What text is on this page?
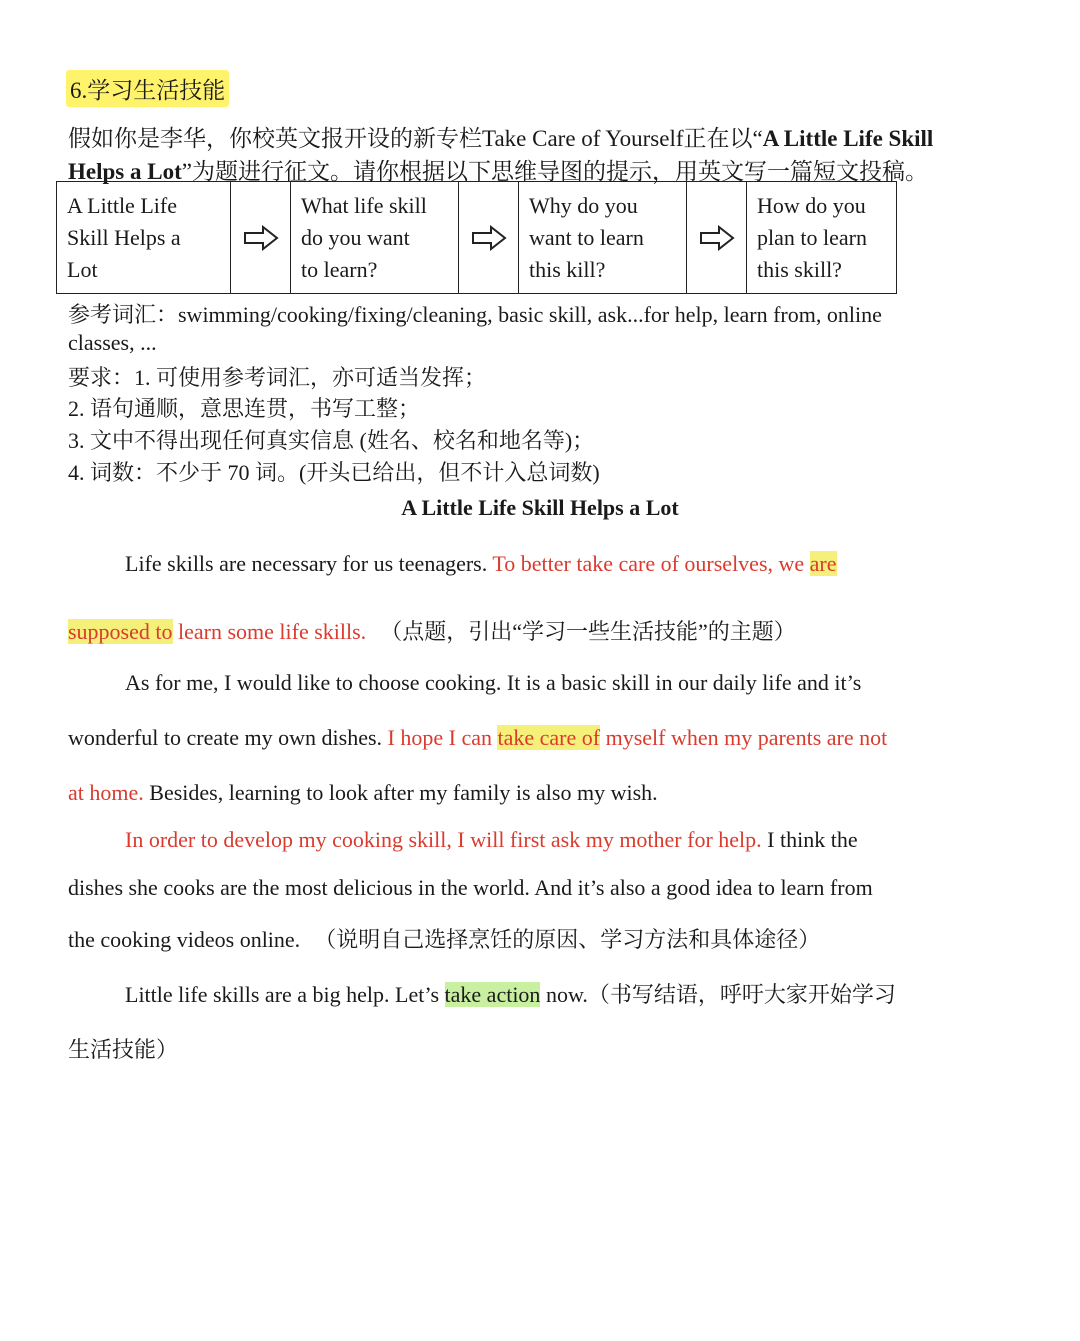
6.学习生活技能
假如你是李华，你校英文报开设的新专栏Take Care of Yourself正在以“A Little Life Skill
Helps a Lot”为题进行征文。请你根据以下思维导图的提示，用英文写一篇短文投稿。
A Little Life
Skill Helps a
Lot

What life skill
do you want
to learn?

Why do you
want to learn
this kill?

How do you
plan to learn
this skill?
参考词汇：swimming/cooking/fixing/cleaning, basic skill, ask...for help, learn from, online
classes, ...
要求：1. 可使用参考词汇，亦可适当发挥；
2. 语句通顺，意思连贯，书写工整；
3. 文中不得出现任何真实信息 (姓名、校名和地名等)；
4. 词数：不少于 70 词。(开头已给出，但不计入总词数)
A Little Life Skill Helps a Lot
Life skills are necessary for us teenagers. To better take care of ourselves, we are
supposed to learn some life skills. （点题，引出“学习一些生活技能”的主题）
As for me, I would like to choose cooking. It is a basic skill in our daily life and it’s
wonderful to create my own dishes. I hope I can take care of myself when my parents are not
at home. Besides, learning to look after my family is also my wish.
In order to develop my cooking skill, I will first ask my mother for help. I think the
dishes she cooks are the most delicious in the world. And it’s also a good idea to learn from
the cooking videos online. （说明自己选择烹饪的原因、学习方法和具体途径）
Little life skills are a big help. Let’s take action now.（书写结语，呼吁大家开始学习
生活技能）
